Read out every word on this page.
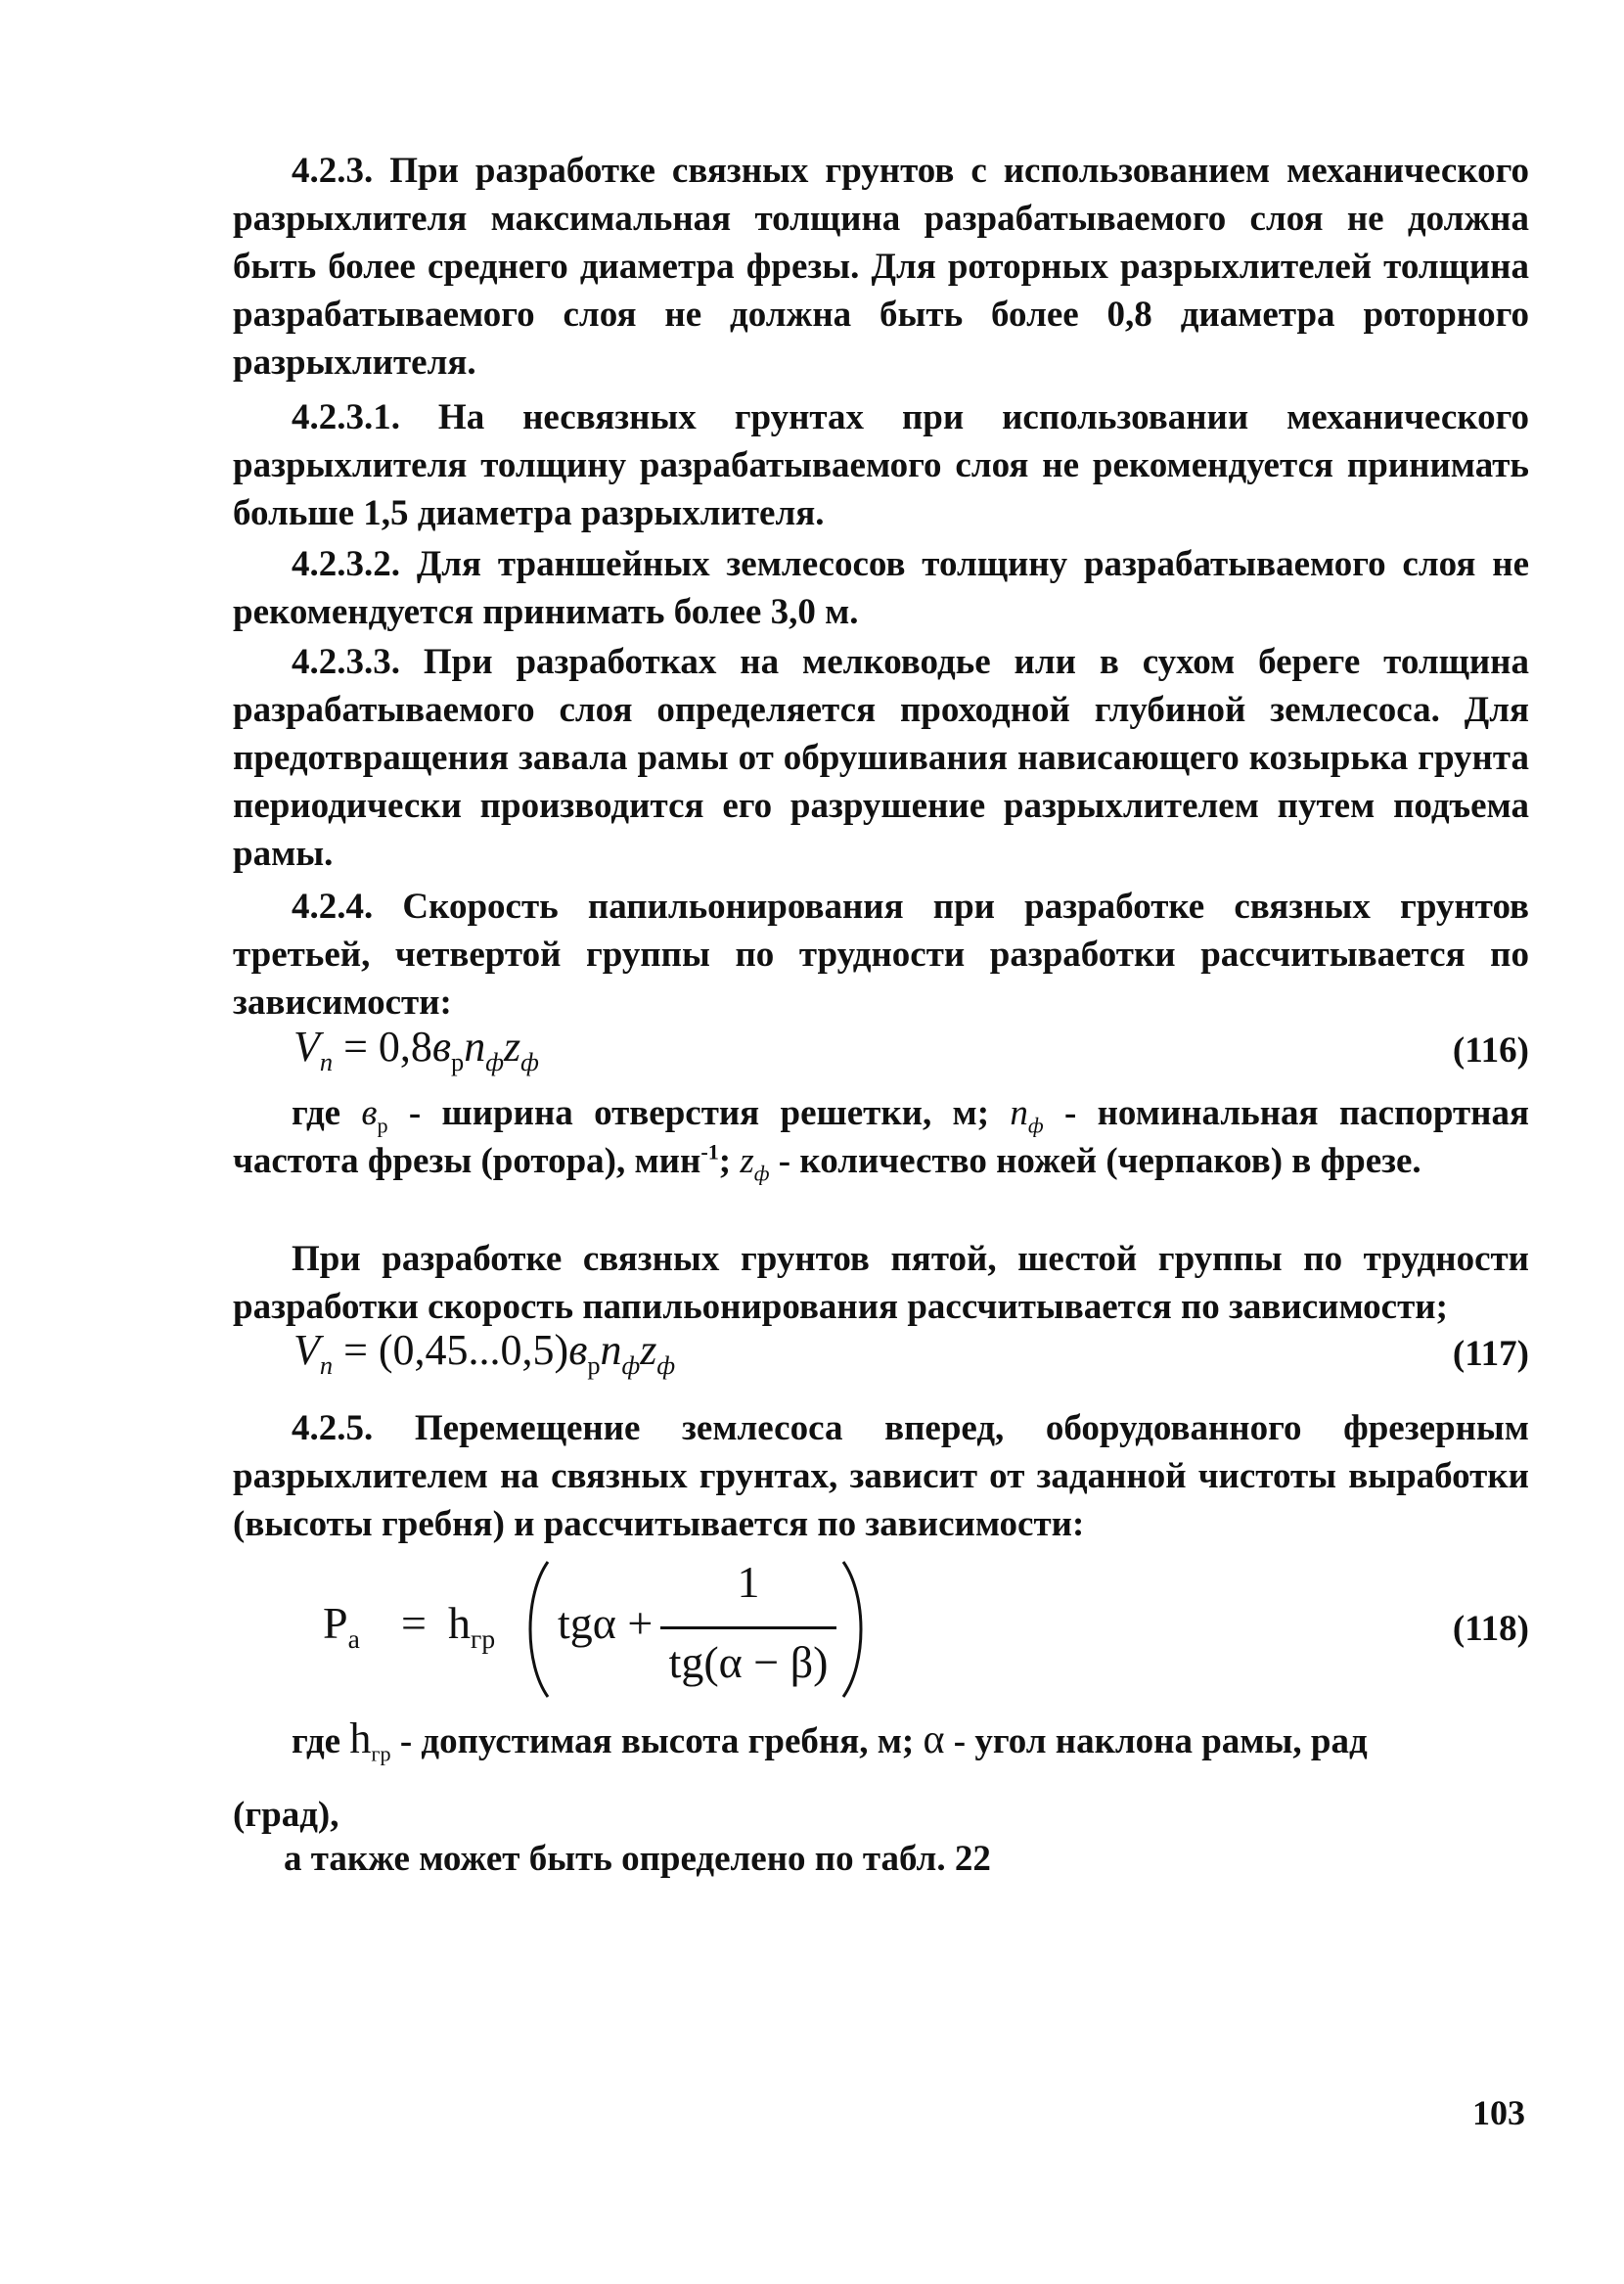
4.2.3. При разработке связных грунтов с использованием механического разрыхлителя максимальная толщина разрабатываемого слоя не должна быть более среднего диаметра фрезы. Для роторных разрыхлителей толщина разрабатываемого слоя не должна быть более 0,8 диаметра роторного разрыхлителя.

4.2.3.1. На несвязных грунтах при использовании механического разрыхлителя толщину разрабатываемого слоя не рекомендуется принимать больше 1,5 диаметра разрыхлителя.

4.2.3.2. Для траншейных землесосов толщину разрабатываемого слоя не рекомендуется принимать более 3,0 м.

4.2.3.3. При разработках на мелководье или в сухом береге толщина разрабатываемого слоя определяется проходной глубиной землесоса. Для предотвращения завала рамы от обрушивания нависающего козырька грунта периодически производится его разрушение разрыхлителем путем подъема рамы.

4.2.4. Скорость папильонирования при разработке связных грунтов третьей, четвертой группы по трудности разработки рассчитывается по зависимости:

$V_п = 0,8в_рn_фz_ф$	(116)
где $в_р$ - ширина отверстия решетки, м; $n_ф$ - номинальная паспортная частота фрезы (ротора), мин$^{-1}$; $z_ф$ - количество ножей (черпаков) в фрезе.

При разработке связных грунтов пятой, шестой группы по трудности разработки скорость папильонирования рассчитывается по зависимости;

$V_п = (0,45...0,5)в_рn_фz_ф$	(117)

4.2.5. Перемещение землесоса вперед, оборудованного фрезерным разрыхлителем на связных грунтах, зависит от заданной чистоты выработки (высоты гребня) и рассчитывается по зависимости:

$P_a = h_{гр}$ tgα +
1
tg(α − β)
(118)
где $h_{гр}$ - допустимая высота гребня, м; α - угол наклона рамы, рад
(град),

а также может быть определено по табл. 22

103
